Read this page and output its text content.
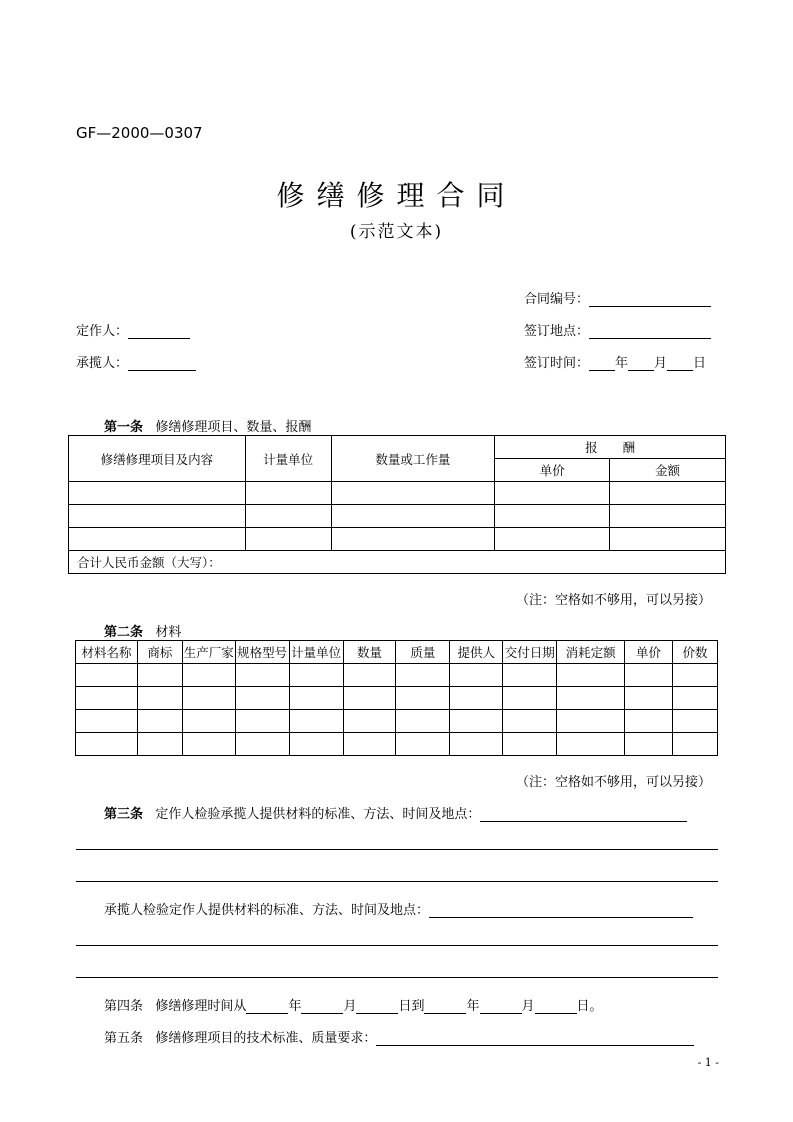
GF—2000—0307
修缮修理合同
(示范文本)
合同编号：
定作人：	签订地点：
承揽人：	签订时间： 年 月 日
第一条 修缮修理项目、数量、报酬
修缮修理项目及内容	计量单位	数量或工作量	报　　酬	
			单价	金额

合计人民币金额（大写）：				
（注：空格如不够用，可以另接）
第二条 材料
材料名称	商标	生产厂家	规格型号	计量单位	数量	质量	提供人	交付日期	消耗定额	单价	价数

（注：空格如不够用，可以另接）
第三条 定作人检验承揽人提供材料的标准、方法、时间及地点：
承揽人检验定作人提供材料的标准、方法、时间及地点：
第四条 修缮修理时间从	年	月	日到	年	月	日。
第五条 修缮修理项目的技术标准、质量要求：
- 1 -
